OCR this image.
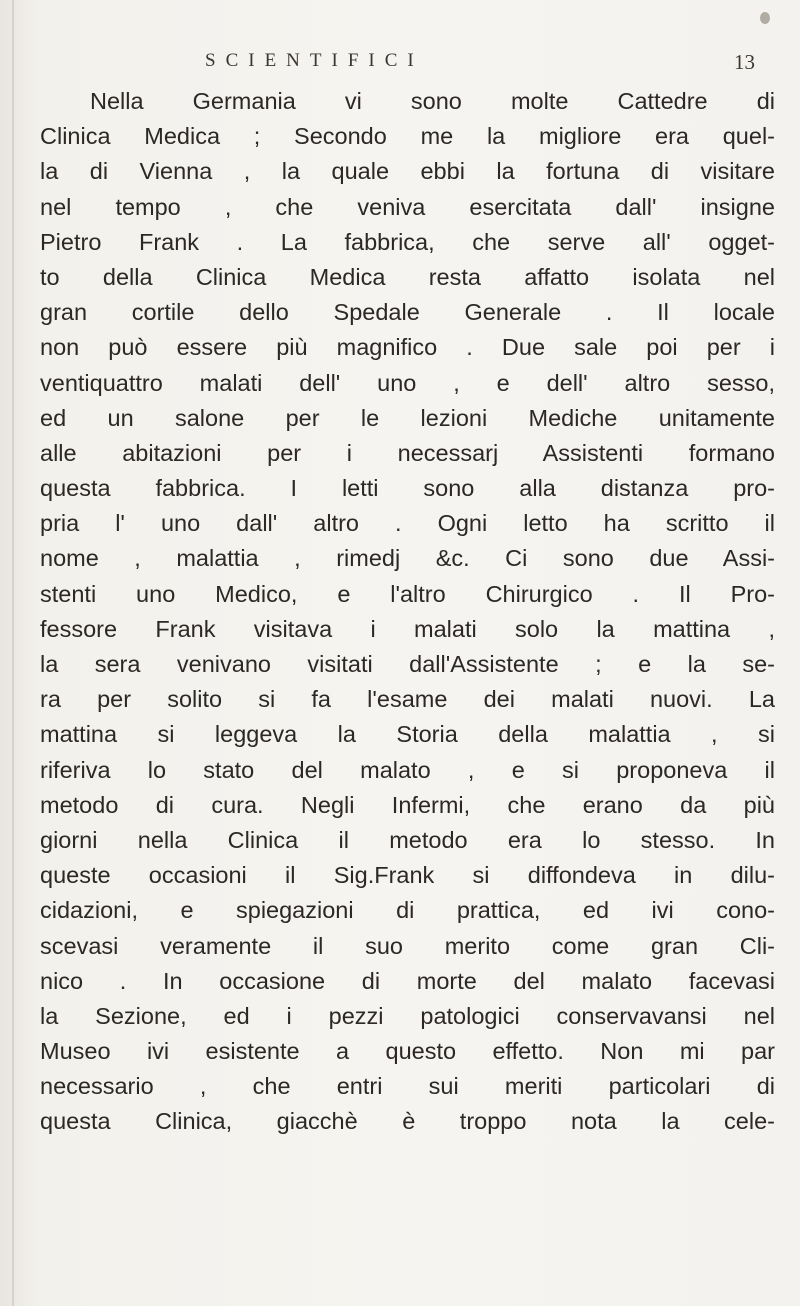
SCIENTIFICI	13
Nella Germania vi sono molte Cattedre di
Clinica Medica ; Secondo me la migliore era quel-
la di Vienna , la quale ebbi la fortuna di visitare
nel tempo , che veniva esercitata dall' insigne
Pietro Frank . La fabbrica, che serve all' ogget-
to della Clinica Medica resta affatto isolata nel
gran cortile dello Spedale Generale . Il locale
non può essere più magnifico . Due sale poi per i
ventiquattro malati dell' uno , e dell' altro sesso,
ed un salone per le lezioni Mediche unitamente
alle abitazioni per i necessarj Assistenti formano
questa fabbrica. I letti sono alla distanza pro-
pria l' uno dall' altro . Ogni letto ha scritto il
nome , malattia , rimedj &c. Ci sono due Assi-
stenti uno Medico, e l'altro Chirurgico . Il Pro-
fessore Frank visitava i malati solo la mattina ,
la sera venivano visitati dall'Assistente ; e la se-
ra per solito si fa l'esame dei malati nuovi. La
mattina si leggeva la Storia della malattia , si
riferiva lo stato del malato , e si proponeva il
metodo di cura. Negli Infermi, che erano da più
giorni nella Clinica il metodo era lo stesso. In
queste occasioni il Sig.Frank si diffondeva in dilu-
cidazioni, e spiegazioni di prattica, ed ivi cono-
scevasi veramente il suo merito come gran Cli-
nico . In occasione di morte del malato facevasi
la Sezione, ed i pezzi patologici conservavansi nel
Museo ivi esistente a questo effetto. Non mi par
necessario , che entri sui meriti particolari di
questa Clinica, giacchè è troppo nota la cele-
